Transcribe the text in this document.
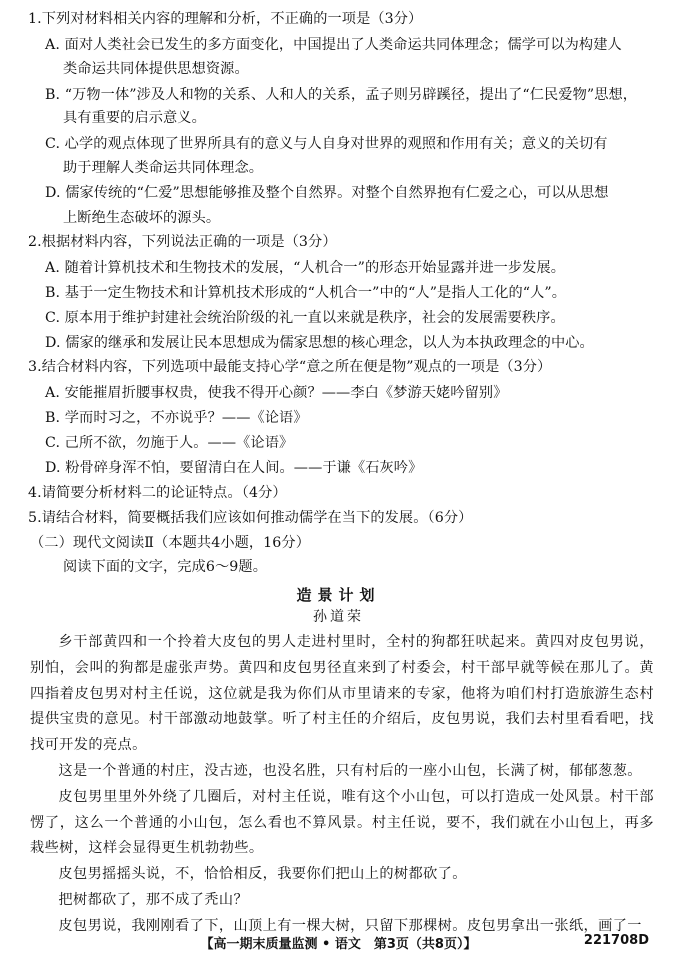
1.下列对材料相关内容的理解和分析，不正确的一项是（3分）
A. 面对人类社会已发生的多方面变化，中国提出了人类命运共同体理念；儒学可以为构建人
类命运共同体提供思想资源。
B. “万物一体”涉及人和物的关系、人和人的关系，孟子则另辟蹊径，提出了“仁民爱物”思想，
具有重要的启示意义。
C. 心学的观点体现了世界所具有的意义与人自身对世界的观照和作用有关；意义的关切有
助于理解人类命运共同体理念。
D. 儒家传统的“仁爱”思想能够推及整个自然界。对整个自然界抱有仁爱之心，可以从思想
上断绝生态破坏的源头。
2.根据材料内容，下列说法正确的一项是（3分）
A. 随着计算机技术和生物技术的发展，“人机合一”的形态开始显露并进一步发展。
B. 基于一定生物技术和计算机技术形成的“人机合一”中的“人”是指人工化的“人”。
C. 原本用于维护封建社会统治阶级的礼一直以来就是秩序，社会的发展需要秩序。
D. 儒家的继承和发展让民本思想成为儒家思想的核心理念，以人为本执政理念的中心。
3.结合材料内容，下列选项中最能支持心学“意之所在便是物”观点的一项是（3分）
A. 安能摧眉折腰事权贵，使我不得开心颜？——李白《梦游天姥吟留别》
B. 学而时习之，不亦说乎？——《论语》
C. 己所不欲，勿施于人。——《论语》
D. 粉骨碎身浑不怕，要留清白在人间。——于谦《石灰吟》
4.请简要分析材料二的论证特点。（4分）
5.请结合材料，简要概括我们应该如何推动儒学在当下的发展。（6分）
（二）现代文阅读Ⅱ（本题共4小题，16分）
阅读下面的文字，完成6～9题。
造景计划
孙道荣

乡干部黄四和一个拎着大皮包的男人走进村里时，全村的狗都狂吠起来。黄四对皮包男说，别怕，会叫的狗都是虚张声势。黄四和皮包男径直来到了村委会，村干部早就等候在那儿了。黄四指着皮包男对村主任说，这位就是我为你们从市里请来的专家，他将为咱们村打造旅游生态村提供宝贵的意见。村干部激动地鼓掌。听了村主任的介绍后，皮包男说，我们去村里看看吧，找找可开发的亮点。

这是一个普通的村庄，没古迹，也没名胜，只有村后的一座小山包，长满了树，郁郁葱葱。

皮包男里里外外绕了几圈后，对村主任说，唯有这个小山包，可以打造成一处风景。村干部愣了，这么一个普通的小山包，怎么看也不算风景。村主任说，要不，我们就在小山包上，再多栽些树，这样会显得更生机勃勃些。

皮包男摇摇头说，不，恰恰相反，我要你们把山上的树都砍了。

把树都砍了，那不成了秃山？

皮包男说，我刚刚看了下，山顶上有一棵大树，只留下那棵树。皮包男拿出一张纸，画了一

【高一期末质量监测 • 语文　第3页（共8页）】	221708D
